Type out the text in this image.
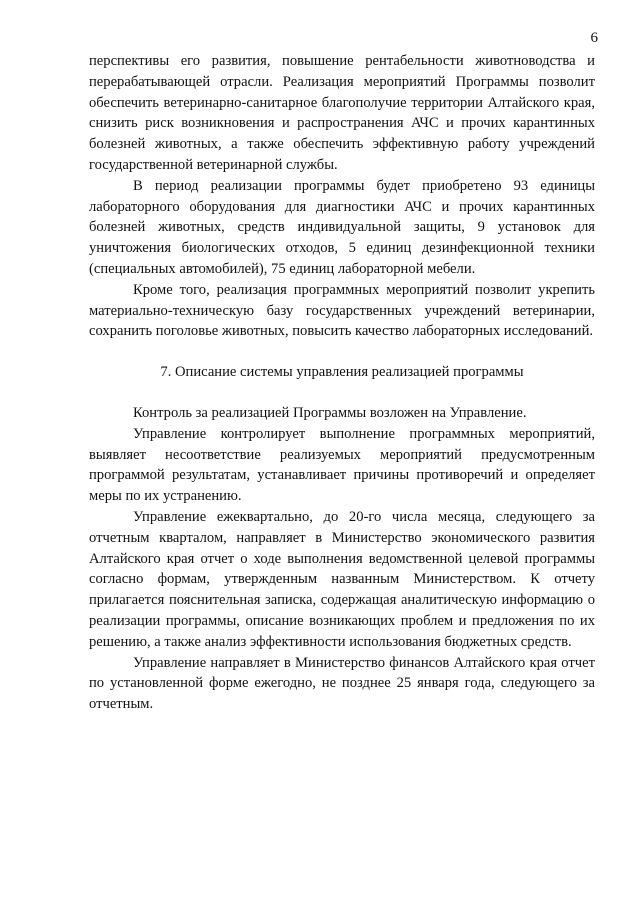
6

перспективы его развития, повышение рентабельности животноводства и перерабатывающей отрасли. Реализация мероприятий Программы позволит обеспечить ветеринарно-санитарное благополучие территории Алтайского края, снизить риск возникновения и распространения АЧС и прочих карантинных болезней животных, а также обеспечить эффективную работу учреждений государственной ветеринарной службы.

В период реализации программы будет приобретено 93 единицы лабораторного оборудования для диагностики АЧС и прочих карантинных болезней животных, средств индивидуальной защиты, 9 установок для уничтожения биологических отходов, 5 единиц дезинфекционной техники (специальных автомобилей), 75 единиц лабораторной мебели.

Кроме того, реализация программных мероприятий позволит укрепить материально-техническую базу государственных учреждений ветеринарии, сохранить поголовье животных, повысить качество лабораторных исследований.

7. Описание системы управления реализацией программы

Контроль за реализацией Программы возложен на Управление.

Управление контролирует выполнение программных мероприятий, выявляет несоответствие реализуемых мероприятий предусмотренным программой результатам, устанавливает причины противоречий и определяет меры по их устранению.

Управление ежеквартально, до 20-го числа месяца, следующего за отчетным кварталом, направляет в Министерство экономического развития Алтайского края отчет о ходе выполнения ведомственной целевой программы согласно формам, утвержденным названным Министерством. К отчету прилагается пояснительная записка, содержащая аналитическую информацию о реализации программы, описание возникающих проблем и предложения по их решению, а также анализ эффективности использования бюджетных средств.

Управление направляет в Министерство финансов Алтайского края отчет по установленной форме ежегодно, не позднее 25 января года, следующего за отчетным.
